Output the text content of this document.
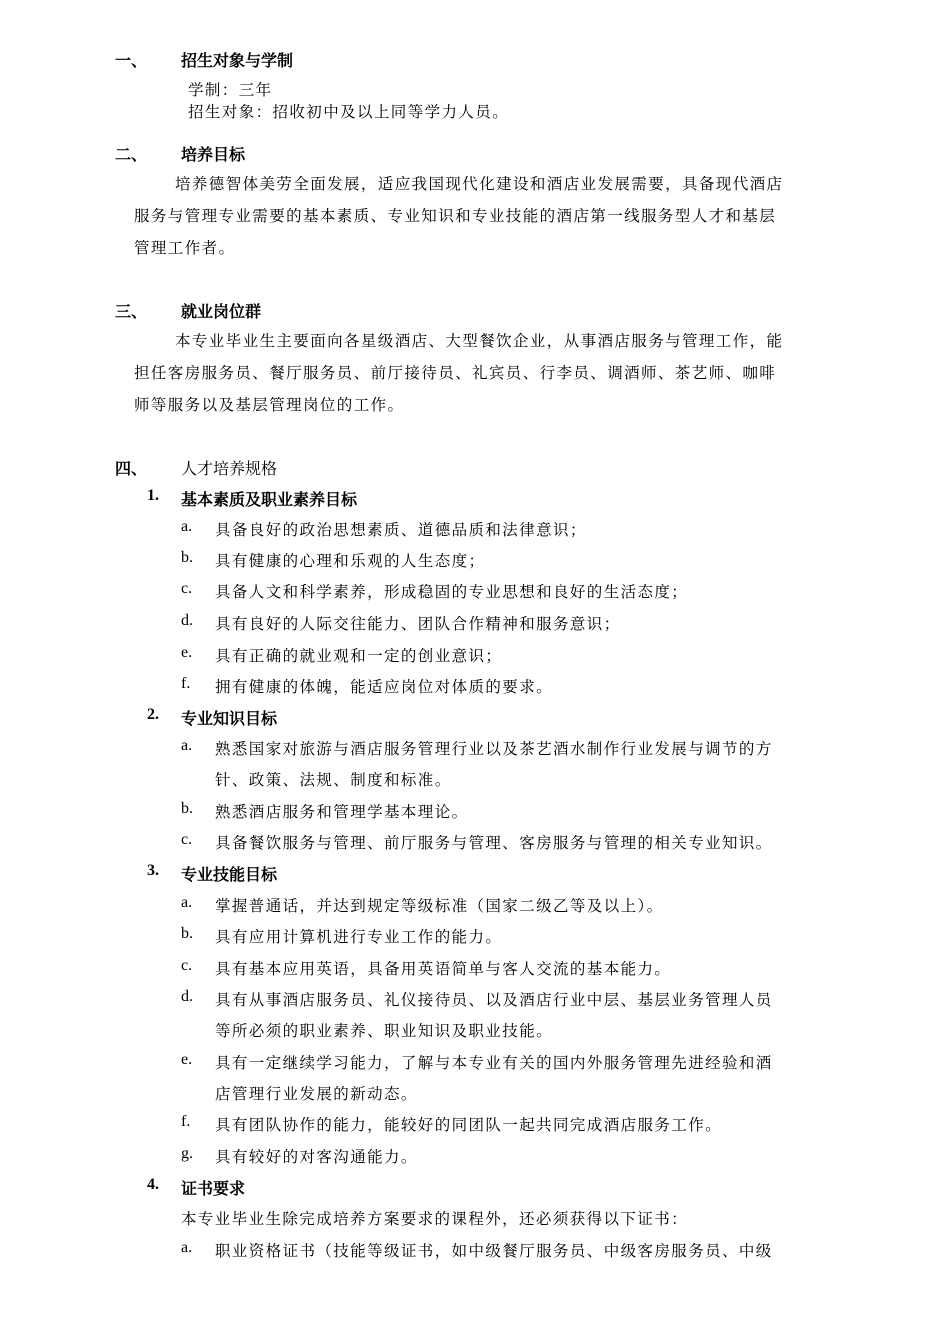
一、 招生对象与学制
学制：三年
招生对象：招收初中及以上同等学力人员。
二、 培养目标
培养德智体美劳全面发展，适应我国现代化建设和酒店业发展需要，具备现代酒店
服务与管理专业需要的基本素质、专业知识和专业技能的酒店第一线服务型人才和基层
管理工作者。
三、 就业岗位群
本专业毕业生主要面向各星级酒店、大型餐饮企业，从事酒店服务与管理工作，能
担任客房服务员、餐厅服务员、前厅接待员、礼宾员、行李员、调酒师、茶艺师、咖啡
师等服务以及基层管理岗位的工作。
四、 人才培养规格
1. 基本素质及职业素养目标
a. 具备良好的政治思想素质、道德品质和法律意识；
b. 具有健康的心理和乐观的人生态度；
c. 具备人文和科学素养，形成稳固的专业思想和良好的生活态度；
d. 具有良好的人际交往能力、团队合作精神和服务意识；
e. 具有正确的就业观和一定的创业意识；
f. 拥有健康的体魄，能适应岗位对体质的要求。
2. 专业知识目标
a. 熟悉国家对旅游与酒店服务管理行业以及茶艺酒水制作行业发展与调节的方
针、政策、法规、制度和标准。
b. 熟悉酒店服务和管理学基本理论。
c. 具备餐饮服务与管理、前厅服务与管理、客房服务与管理的相关专业知识。
3. 专业技能目标
a. 掌握普通话，并达到规定等级标准（国家二级乙等及以上）。
b. 具有应用计算机进行专业工作的能力。
c. 具有基本应用英语，具备用英语简单与客人交流的基本能力。
d. 具有从事酒店服务员、礼仪接待员、以及酒店行业中层、基层业务管理人员
等所必须的职业素养、职业知识及职业技能。
e. 具有一定继续学习能力，了解与本专业有关的国内外服务管理先进经验和酒
店管理行业发展的新动态。
f. 具有团队协作的能力，能较好的同团队一起共同完成酒店服务工作。
g. 具有较好的对客沟通能力。
4. 证书要求
本专业毕业生除完成培养方案要求的课程外，还必须获得以下证书：
a. 职业资格证书（技能等级证书，如中级餐厅服务员、中级客房服务员、中级
